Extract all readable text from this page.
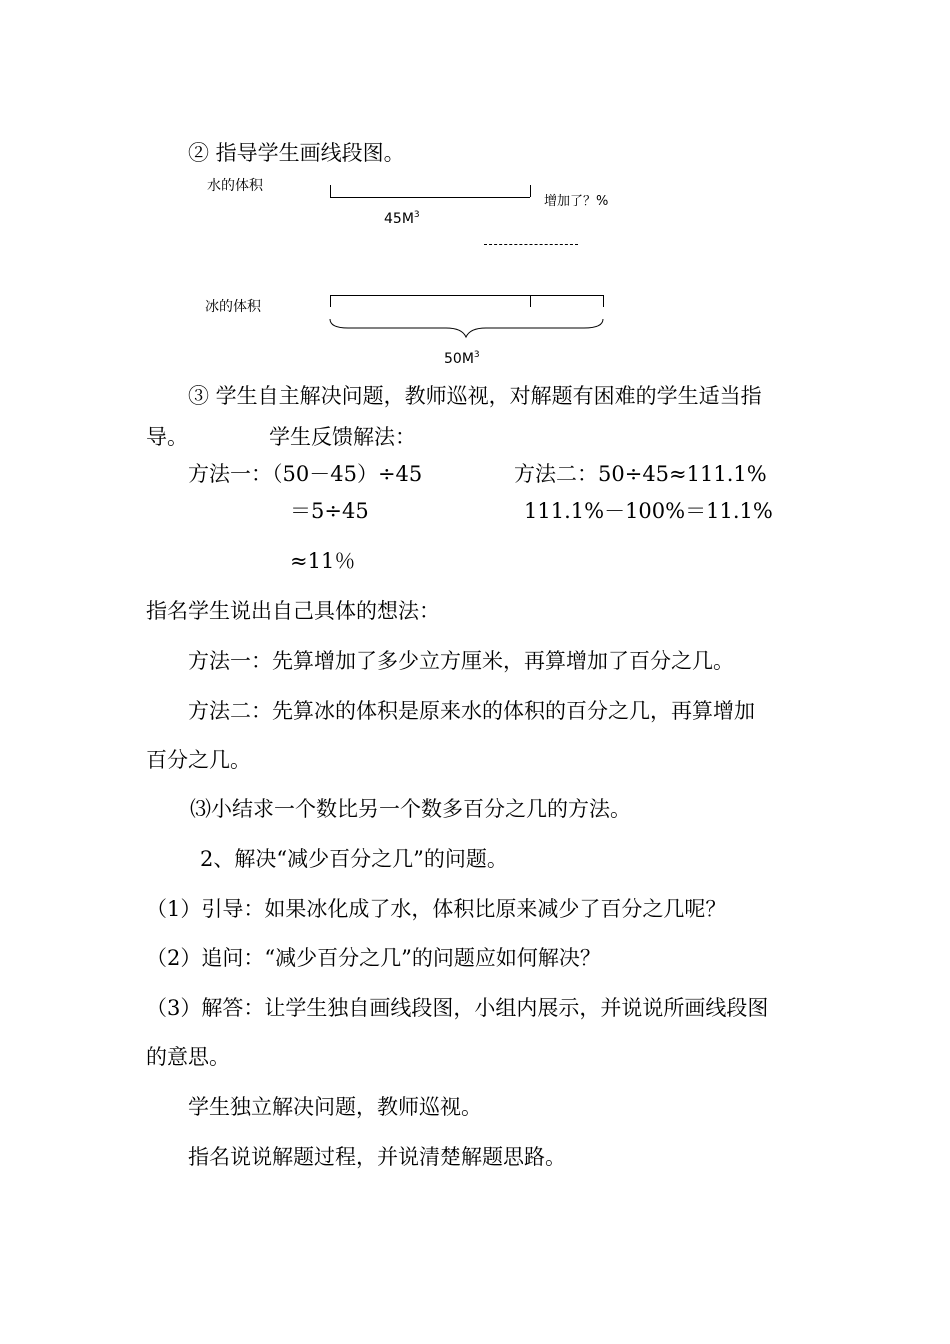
② 指导学生画线段图。
水的体积
$45M^3$
增加了？%
冰的体积
$50M^3$
③ 学生自主解决问题，教师巡视，对解题有困难的学生适当指
导。	学生反馈解法：
方法一：（50－45）÷45	方法二：50÷45≈111.1%
＝5÷45	111.1%－100%＝11.1%
≈11％
指名学生说出自己具体的想法：
方法一：先算增加了多少立方厘米，再算增加了百分之几。
方法二：先算冰的体积是原来水的体积的百分之几，再算增加
百分之几。
⑶小结求一个数比另一个数多百分之几的方法。
2、解决“减少百分之几”的问题。
（1）引导：如果冰化成了水，体积比原来减少了百分之几呢？
（2）追问：“减少百分之几”的问题应如何解决？
（3）解答：让学生独自画线段图，小组内展示，并说说所画线段图
的意思。
学生独立解决问题，教师巡视。
指名说说解题过程，并说清楚解题思路。
